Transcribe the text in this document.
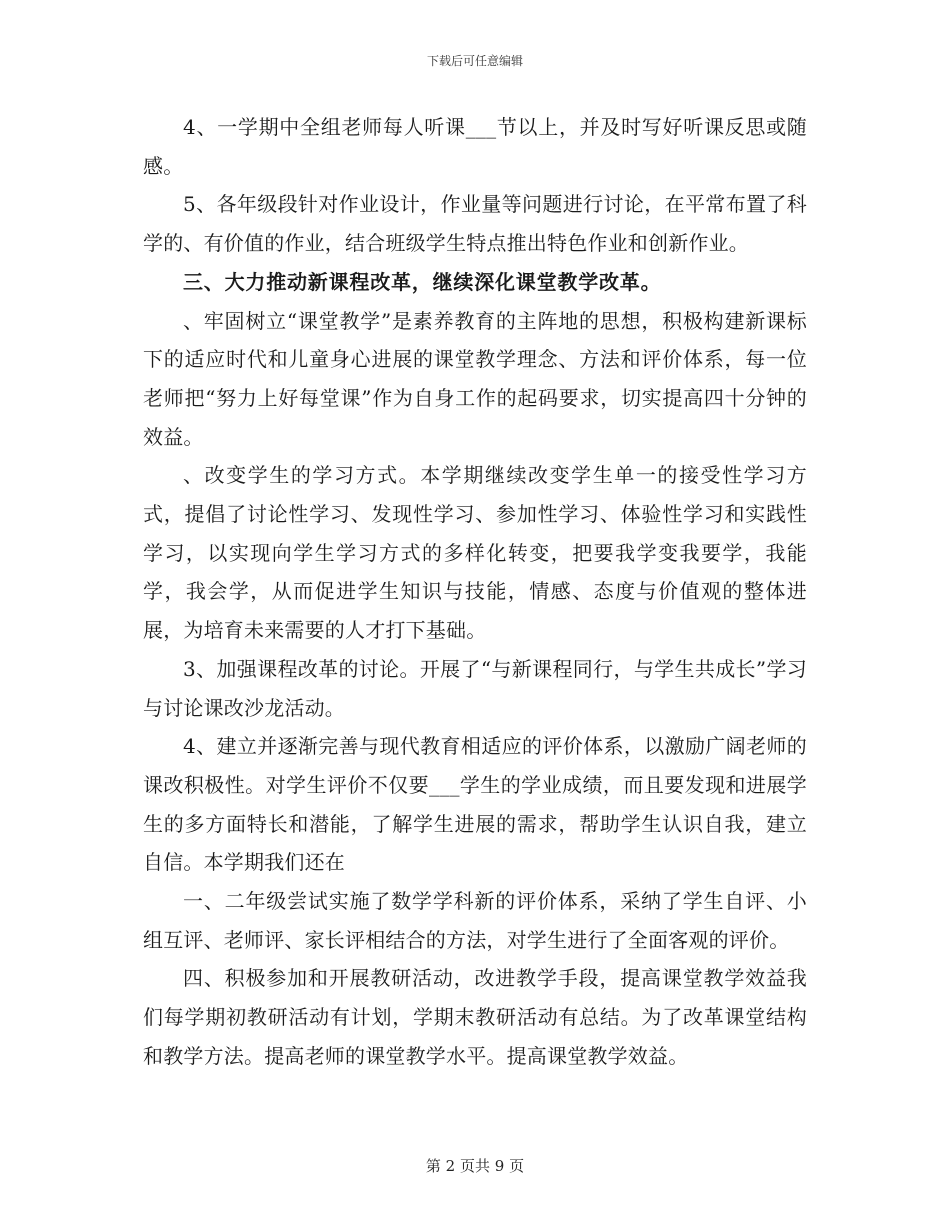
下载后可任意编辑

4、一学期中全组老师每人听课___节以上，并及时写好听课反思或随感。

5、各年级段针对作业设计，作业量等问题进行讨论，在平常布置了科学的、有价值的作业，结合班级学生特点推出特色作业和创新作业。

三、大力推动新课程改革，继续深化课堂教学改革。

、牢固树立“课堂教学”是素养教育的主阵地的思想，积极构建新课标下的适应时代和儿童身心进展的课堂教学理念、方法和评价体系，每一位老师把“努力上好每堂课”作为自身工作的起码要求，切实提高四十分钟的效益。

、改变学生的学习方式。本学期继续改变学生单一的接受性学习方式，提倡了讨论性学习、发现性学习、参加性学习、体验性学习和实践性学习，以实现向学生学习方式的多样化转变，把要我学变我要学，我能学，我会学，从而促进学生知识与技能，情感、态度与价值观的整体进展，为培育未来需要的人才打下基础。

3、加强课程改革的讨论。开展了“与新课程同行，与学生共成长”学习与讨论课改沙龙活动。

4、建立并逐渐完善与现代教育相适应的评价体系，以激励广阔老师的课改积极性。对学生评价不仅要___学生的学业成绩，而且要发现和进展学生的多方面特长和潜能，了解学生进展的需求，帮助学生认识自我，建立自信。本学期我们还在

一、二年级尝试实施了数学学科新的评价体系，采纳了学生自评、小组互评、老师评、家长评相结合的方法，对学生进行了全面客观的评价。

四、积极参加和开展教研活动，改进教学手段，提高课堂教学效益我们每学期初教研活动有计划，学期末教研活动有总结。为了改革课堂结构和教学方法。提高老师的课堂教学水平。提高课堂教学效益。

第 2 页共 9 页
